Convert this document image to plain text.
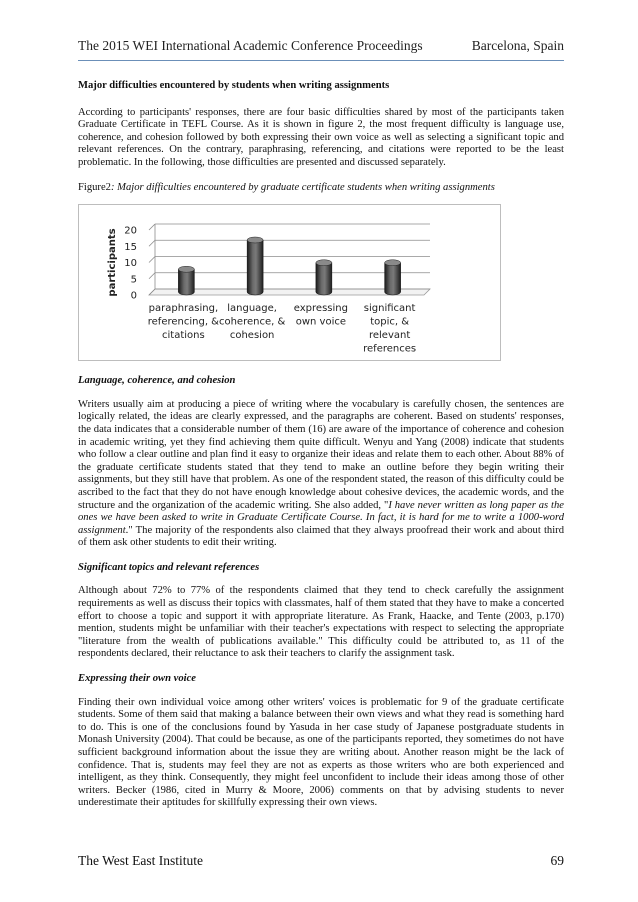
The 2015 WEI International Academic Conference Proceedings	Barcelona, Spain

Major difficulties encountered by students when writing assignments

According to participants' responses, there are four basic difficulties shared by most of the participants taken Graduate Certificate in TEFL Course. As it is shown in figure 2, the most frequent difficulty is language use, coherence, and cohesion followed by both expressing their own voice as well as selecting a significant topic and relevant references. On the contrary, paraphrasing, referencing, and citations were reported to be the least problematic. In the following, those difficulties are presented and discussed separately.

Figure2: Major difficulties encountered by graduate certificate students when writing assignments

0
5
10
15
20
participants
paraphrasing,
referencing, &
citations
language,
coherence, &
cohesion
expressing
own voice
significant
topic, &
relevant
references

Language, coherence, and cohesion

Writers usually aim at producing a piece of writing where the vocabulary is carefully chosen, the sentences are logically related, the ideas are clearly expressed, and the paragraphs are coherent. Based on students' responses, the data indicates that a considerable number of them (16) are aware of the importance of coherence and cohesion in academic writing, yet they find achieving them quite difficult. Wenyu and Yang (2008) indicate that students who follow a clear outline and plan find it easy to organize their ideas and relate them to each other. About 88% of the graduate certificate students stated that they tend to make an outline before they begin writing their assignments, but they still have that problem. As one of the respondent stated, the reason of this difficulty could be ascribed to the fact that they do not have enough knowledge about cohesive devices, the academic words, and the structure and the organization of the academic writing. She also added, "I have never written as long paper as the ones we have been asked to write in Graduate Certificate Course. In fact, it is hard for me to write a 1000-word assignment." The majority of the respondents also claimed that they always proofread their work and about third of them ask other students to edit their writing.

Significant topics and relevant references

Although about 72% to 77% of the respondents claimed that they tend to check carefully the assignment requirements as well as discuss their topics with classmates, half of them stated that they have to make a concerted effort to choose a topic and support it with appropriate literature. As Frank, Haacke, and Tente (2003, p.170) mention, students might be unfamiliar with their teacher's expectations with respect to selecting the appropriate "literature from the wealth of publications available." This difficulty could be attributed to, as 11 of the respondents declared, their reluctance to ask their teachers to clarify the assignment task.

Expressing their own voice

Finding their own individual voice among other writers' voices is problematic for 9 of the graduate certificate students. Some of them said that making a balance between their own views and what they read is something hard to do. This is one of the conclusions found by Yasuda in her case study of Japanese postgraduate students in Monash University (2004). That could be because, as one of the participants reported, they sometimes do not have sufficient background information about the issue they are writing about. Another reason might be the lack of confidence. That is, students may feel they are not as experts as those writers who are both experienced and intelligent, as they think. Consequently, they might feel unconfident to include their ideas among those of other writers. Becker (1986, cited in Murry & Moore, 2006) comments on that by advising students to never underestimate their aptitudes for skillfully expressing their own views.

The West East Institute	69
